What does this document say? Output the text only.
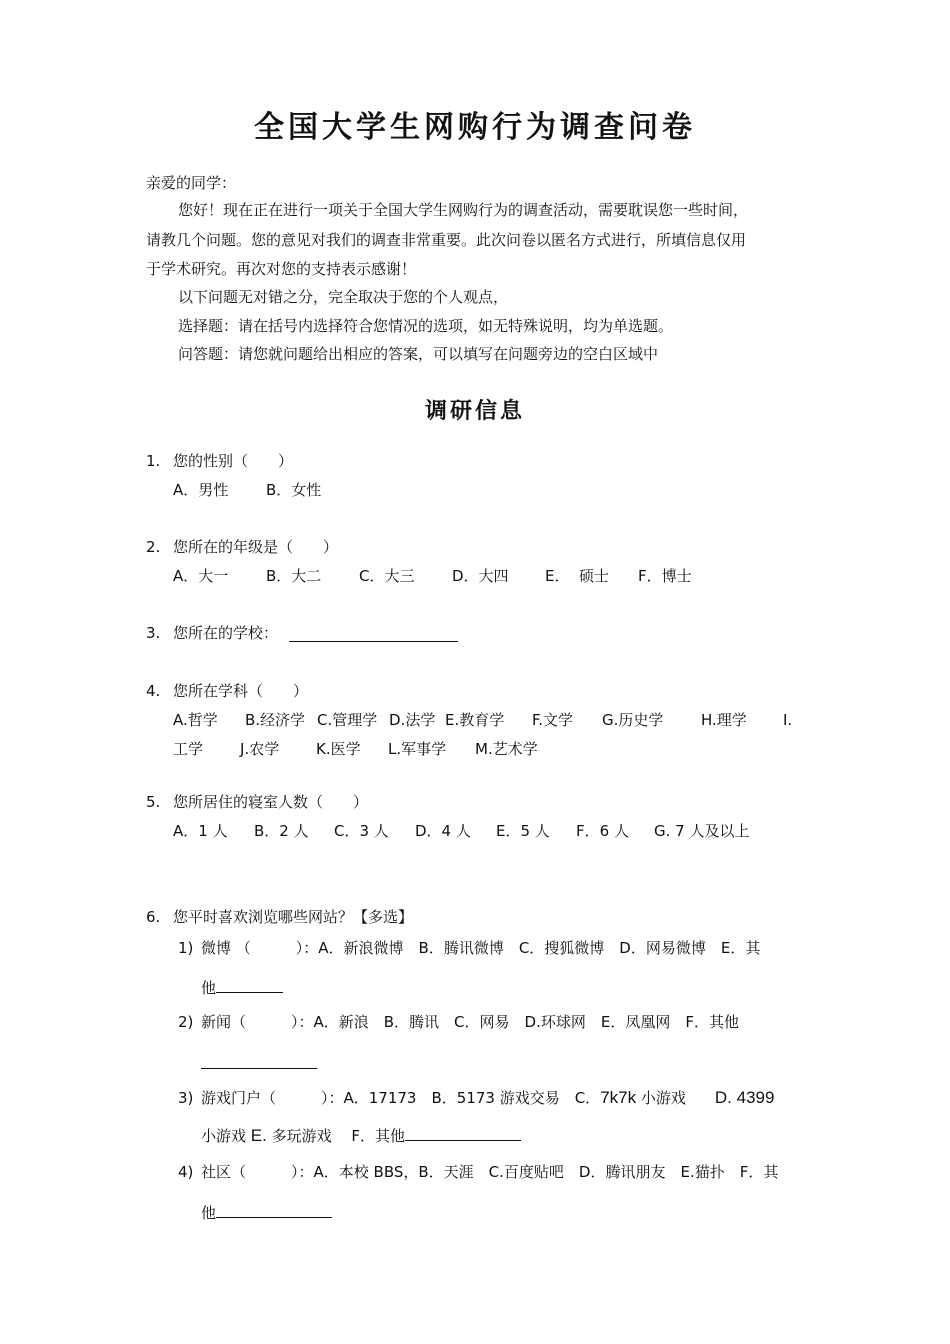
全国大学生网购行为调查问卷
亲爱的同学：
您好！现在正在进行一项关于全国大学生网购行为的调查活动，需要耽误您一些时间，
请教几个问题。您的意见对我们的调查非常重要。此次问卷以匿名方式进行，所填信息仅用
于学术研究。再次对您的支持表示感谢！
以下问题无对错之分，完全取决于您的个人观点，
选择题：请在括号内选择符合您情况的选项，如无特殊说明，均为单选题。
问答题：请您就问题给出相应的答案，可以填写在问题旁边的空白区域中
调研信息
1. 您的性别（　　）
A．男性	B．女性
2. 您所在的年级是（　　）
A．大一	B．大二	C．大三	D．大四 E． 硕士 F．博士
3. 您所在的学校：
4. 您所在学科（　　）
A.哲学 B.经济学 C.管理学 D.法学 E.教育学 F.文学 G.历史学	H.理学 I.
工学 J.农学 K.医学 L.军事学 M.艺术学
5. 您所居住的寝室人数（　　）
A．1 人 B．2 人 C．3 人 D．4 人 E．5 人 F．6 人 G. 7 人及以上
6. 您平时喜欢浏览哪些网站？【多选】
1) 微博 （　　　）：A．新浪微博　B．腾讯微博　C．搜狐微博　D．网易微博　E．其
他
2) 新闻（　　　）：A．新浪　B．腾讯　C．网易　D.环球网　E．凤凰网　F．其他
3) 游戏门户（　　　）：A．17173　B．5173 游戏交易　C．7k7k 小游戏　D. 4399
小游戏 E. 多玩游戏　 F．其他
4) 社区（　　　）：A．本校 BBS，B．天涯　C.百度贴吧　D．腾讯朋友　E.猫扑　F．其
他
